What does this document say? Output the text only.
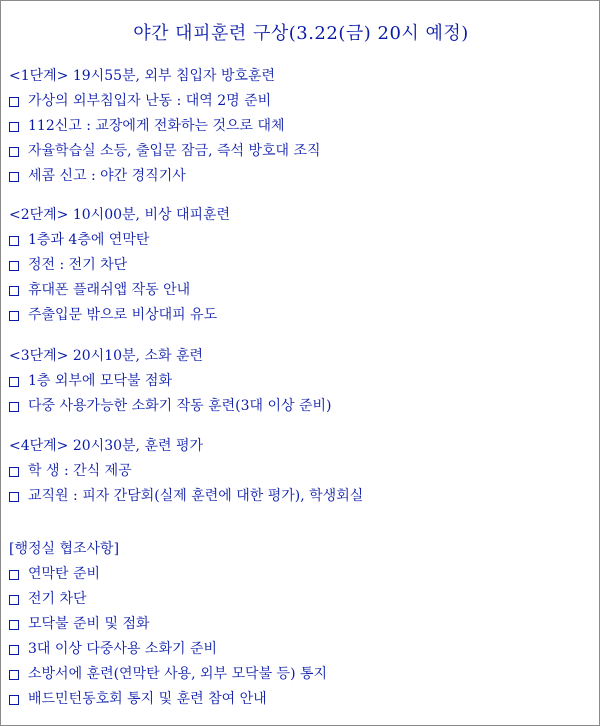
야간 대피훈련 구상(3.22(금) 20시 예정)
<1단계> 19시55분, 외부 침입자 방호훈련
가상의 외부침입자 난동 : 대역 2명 준비
112신고 : 교장에게 전화하는 것으로 대체
자율학습실 소등, 출입문 잠금, 즉석 방호대 조직
세콤 신고 : 야간 경직기사
<2단계> 10시00분, 비상 대피훈련
1층과 4층에 연막탄
정전 : 전기 차단
휴대폰 플래쉬앱 작동 안내
주출입문 밖으로 비상대피 유도
<3단계> 20시10분, 소화 훈련
1층 외부에 모닥불 점화
다중 사용가능한 소화기 작동 훈련(3대 이상 준비)
<4단계> 20시30분, 훈련 평가
학 생 : 간식 제공
교직원 : 피자 간담회(실제 훈련에 대한 평가), 학생회실
[행정실 협조사항]
연막탄 준비
전기 차단
모닥불 준비 및 점화
3대 이상 다중사용 소화기 준비
소방서에 훈련(연막탄 사용, 외부 모닥불 등) 통지
배드민턴동호회 통지 및 훈련 참여 안내
